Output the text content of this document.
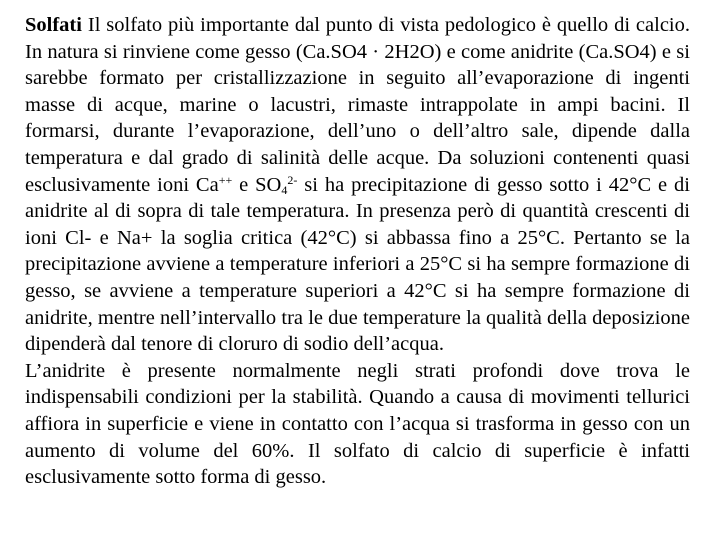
Solfati Il solfato più importante dal punto di vista pedologico è quello di calcio. In natura si rinviene come gesso (Ca.SO4 · 2H2O) e come anidrite (Ca.SO4) e si sarebbe formato per cristallizzazione in seguito all’evaporazione di ingenti masse di acque, marine o lacustri, rimaste intrappolate in ampi bacini. Il formarsi, durante l’evaporazione, dell’uno o dell’altro sale, dipende dalla temperatura e dal grado di salinità delle acque. Da soluzioni contenenti quasi esclusivamente ioni Ca++ e $SO_4^{2-}$ si ha precipitazione di gesso sotto i 42°C e di anidrite al di sopra di tale temperatura. In presenza però di quantità crescenti di ioni Cl- e Na+ la soglia critica (42°C) si abbassa fino a 25°C. Pertanto se la precipitazione avviene a temperature inferiori a 25°C si ha sempre formazione di gesso, se avviene a temperature superiori a 42°C si ha sempre formazione di anidrite, mentre nell’intervallo tra le due temperature la qualità della deposizione dipenderà dal tenore di cloruro di sodio dell’acqua.

L’anidrite è presente normalmente negli strati profondi dove trova le indispensabili condizioni per la stabilità. Quando a causa di movimenti tellurici affiora in superficie e viene in contatto con l’acqua si trasforma in gesso con un aumento di volume del 60%. Il solfato di calcio di superficie è infatti esclusivamente sotto forma di gesso.
